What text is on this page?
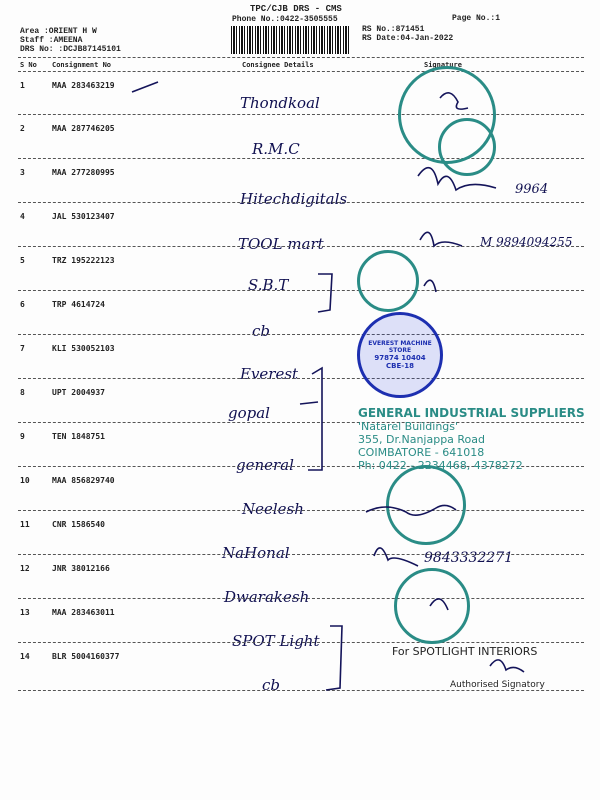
TPC/CJB DRS - CMS
Phone No.:0422-3505555	Page No.:1
Area :ORIENT H W
Staff :AMEENA
DRS No: :DCJB87145101
RS No.:871451
RS Date:04-Jan-2022
S No Consignment No	Consignee Details	Signature
1	MAA 283463219
Thondkoal
2	MAA 287746205
R.M.C
3	MAA 277280995
Hitechdigitals
9964
4	JAL 530123407
TOOL mart	M 9894094255
5	TRZ 195222123
S.B.T
6	TRP 4614724
cb
7	KLI 530052103
Everest
8	UPT 2004937
gopal
9	TEN 1848751
general
10	MAA 856829740
Neelesh
11	CNR 1586540
NaHonal	9843332271
12	JNR 38012166
Dwarakesh
13	MAA 283463011
SPOT Light
14	BLR 5004160377
cb
EVEREST MACHINE STORE
97874 10404
CBE-18
GENERAL INDUSTRIAL SUPPLIERS
'Natarel Buildings'
355, Dr.Nanjappa Road
COIMBATORE - 641018
Ph: 0422 - 2234468, 4378272
For SPOTLIGHT INTERIORS
Authorised Signatory
